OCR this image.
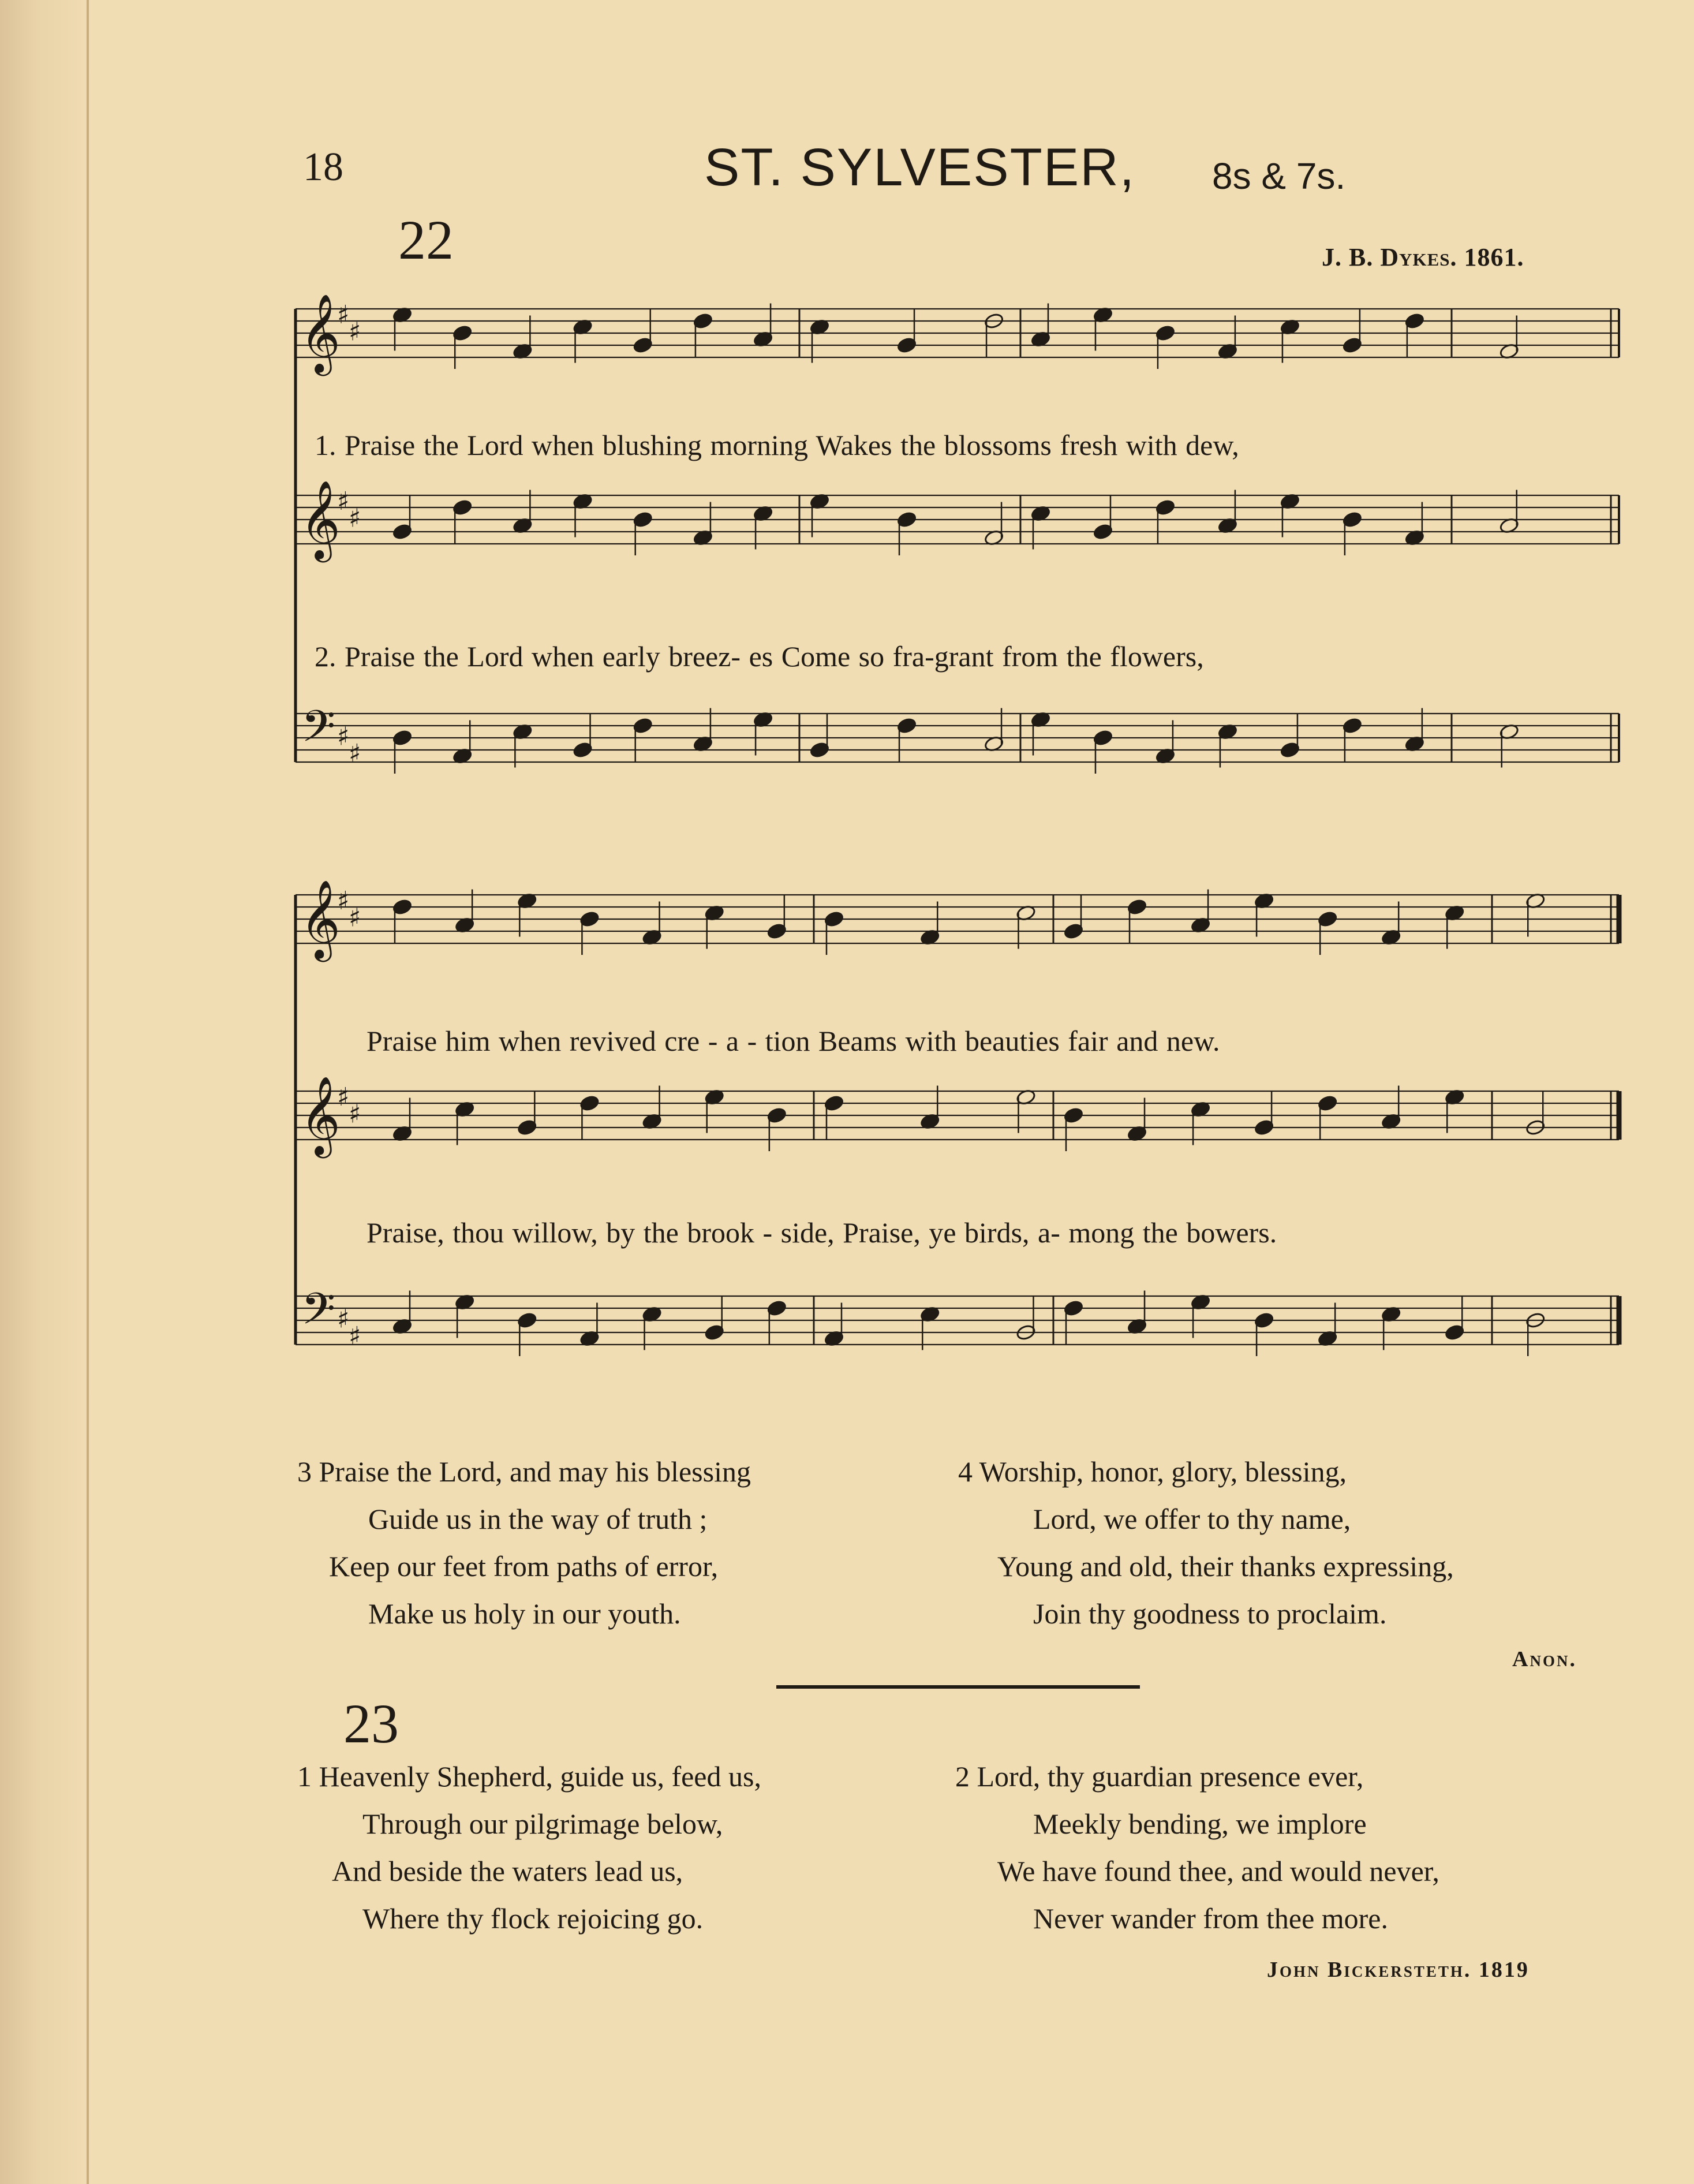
18	ST. SYLVESTER, 8s & 7s.
22	J. B. Dykes. 1861.
𝄞
♯
♯
𝄞
♯
♯
𝄢 ♯
♯
𝄞
♯
♯
𝄞
♯
♯
𝄢 ♯
♯
1. Praise the Lord when blushing morning Wakes the blossoms fresh with dew,
2. Praise the Lord when early breez- es Come so fra-grant from the flowers,
Praise him when revived cre - a - tion Beams with beauties fair and new.
Praise, thou willow, by the brook - side, Praise, ye birds, a- mong the bowers.
3 Praise the Lord, and may his blessing
Guide us in the way of truth ;
Keep our feet from paths of error,
Make us holy in our youth.
4 Worship, honor, glory, blessing,
Lord, we offer to thy name,
Young and old, their thanks expressing,
Join thy goodness to proclaim.
Anon.
23
1 Heavenly Shepherd, guide us, feed us,
Through our pilgrimage below,
And beside the waters lead us,
Where thy flock rejoicing go.
2 Lord, thy guardian presence ever,
Meekly bending, we implore
We have found thee, and would never,
Never wander from thee more.
John Bickersteth. 1819
